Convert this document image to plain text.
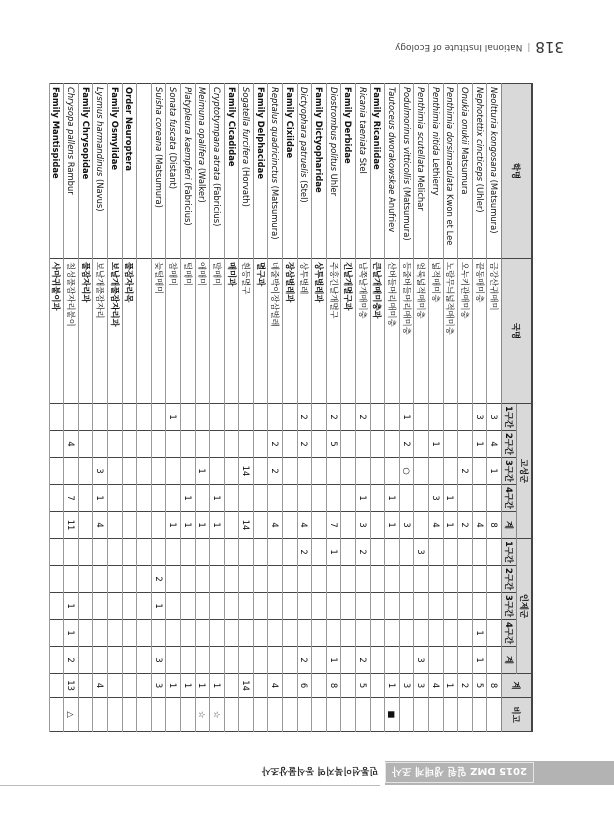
318
|
National Institute of Ecology
학명	국명	고성군					인제군					계	비고
		1구간	2구간	3구간	4구간	계	1구간	2구간	3구간	4구간	계		
Neoltturia kongosana (Matsumura)	금강산귀매미	3	4	1		8						8	
Nephotettix cincticeps (Uhler)	끝동매미충	3	1			4				1	1	5	
Onukia onukii Matsumura	오누키관매미충			2		2						2	
Penthimia dorsimaculata Kwon et Lee	노랑무늬넓적매미충				1	1						1	
Penthimia nitida Lethierry	넓적매미충		1		3	4						4	
Penthimia scutellata Melichar	얼룩넓적매미충						3				3	3	
Podulmorinus vitticollis (Matsumura)	등줄버들머리매미충	1	2	○		3						3	
Tautoceus dworakowskae Anufriev	산버들머리매미충				1	1						1	■
Family Ricaniidae	큰날개매미충과												
Ricania taeniata Stel	남쪽날개매미충	2			1	3	2				2	5	
Family Derbidae	긴날개멸구과												
Diostrombus politus Uhler	주홍긴날개멸구	2	5			7	1				1	8	
Family Dictyopharidae	상투벌레과												
Dictyophara patruelis (Stel)	상투벌레	2	2			4	2				2	6	
Family Cixiidae	장삼벌레과												
Reptalus quadricinctus (Matsumura)	네줄박이장삼벌레		2	2		4						4	
Family Delphacidae	멸구과												
Sogatella furcifera (Horvath)	흰등멸구			14		14						14	
Family Cicadidae	매미과												
Cryptotympana atrata (Fabricius)	말매미				1	1						1	☆
Meimuna opalifera (Walker)	애매미			1		1						1	☆
Platypleura kaempferi (Fabricius)	털매미				1	1						1	
Sonata fuscata (Distant)	참매미	1				1						1	
Suisha coreana (Matsumura)	늦털매미							2	1		3	3	

Order Neuroptera	풀잠자리목												
Family Osmylidae	보날개풀잠자리과												
Lysmus harmandinus (Navus)	보날개풀잠자리			3	1	4						4	
Family Chrysopidae	풀잠자리과												
Chrysopa pallens Rambur	칠성풀잠자리붙이		4		7	11			1	1	2	13	△
Family Mantispidae	사마귀붙이과												
민통선이북지역 동식물상조사	2015 DMZ 일원 생태계 조사
